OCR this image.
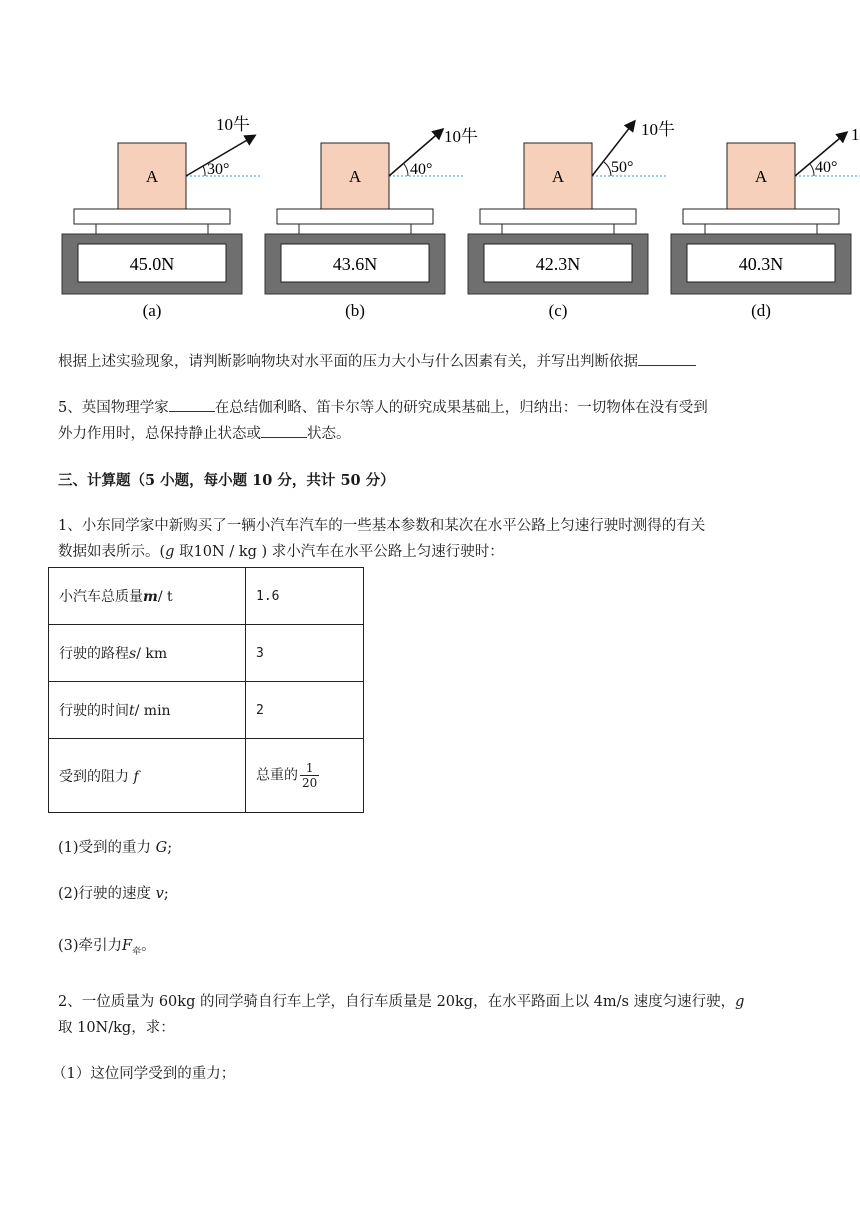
A	30°
10牛
45.0N
(a)
A	40°
10牛
43.6N
(b)
A	50°
10牛
42.3N
(c)
A	40°
1
40.3N
(d)
根据上述实验现象，请判断影响物块对水平面的压力大小与什么因素有关，并写出判断依据
5、英国物理学家	在总结伽利略、笛卡尔等人的研究成果基础上，归纳出：一切物体在没有受到
外力作用时，总保持静止状态或	状态。
三、计算题（5 小题，每小题 10 分，共计 50 分）
1、小东同学家中新购买了一辆小汽车汽车的一些基本参数和某次在水平公路上匀速行驶时测得的有关
数据如表所示。(g 取10N / kg ) 求小汽车在水平公路上匀速行驶时：
小汽车总质量m/ t	1.6
行驶的路程s/ km	3
行驶的时间t/ min	2
受到的阻力 f	总重的 $\frac{1}{20}$
(1)受到的重力 G;
(2)行驶的速度 v;
(3)牵引力$F_牵$。
2、一位质量为 60kg 的同学骑自行车上学，自行车质量是 20kg，在水平路面上以 4m/s 速度匀速行驶，g
取 10N/kg，求：
（1）这位同学受到的重力；
